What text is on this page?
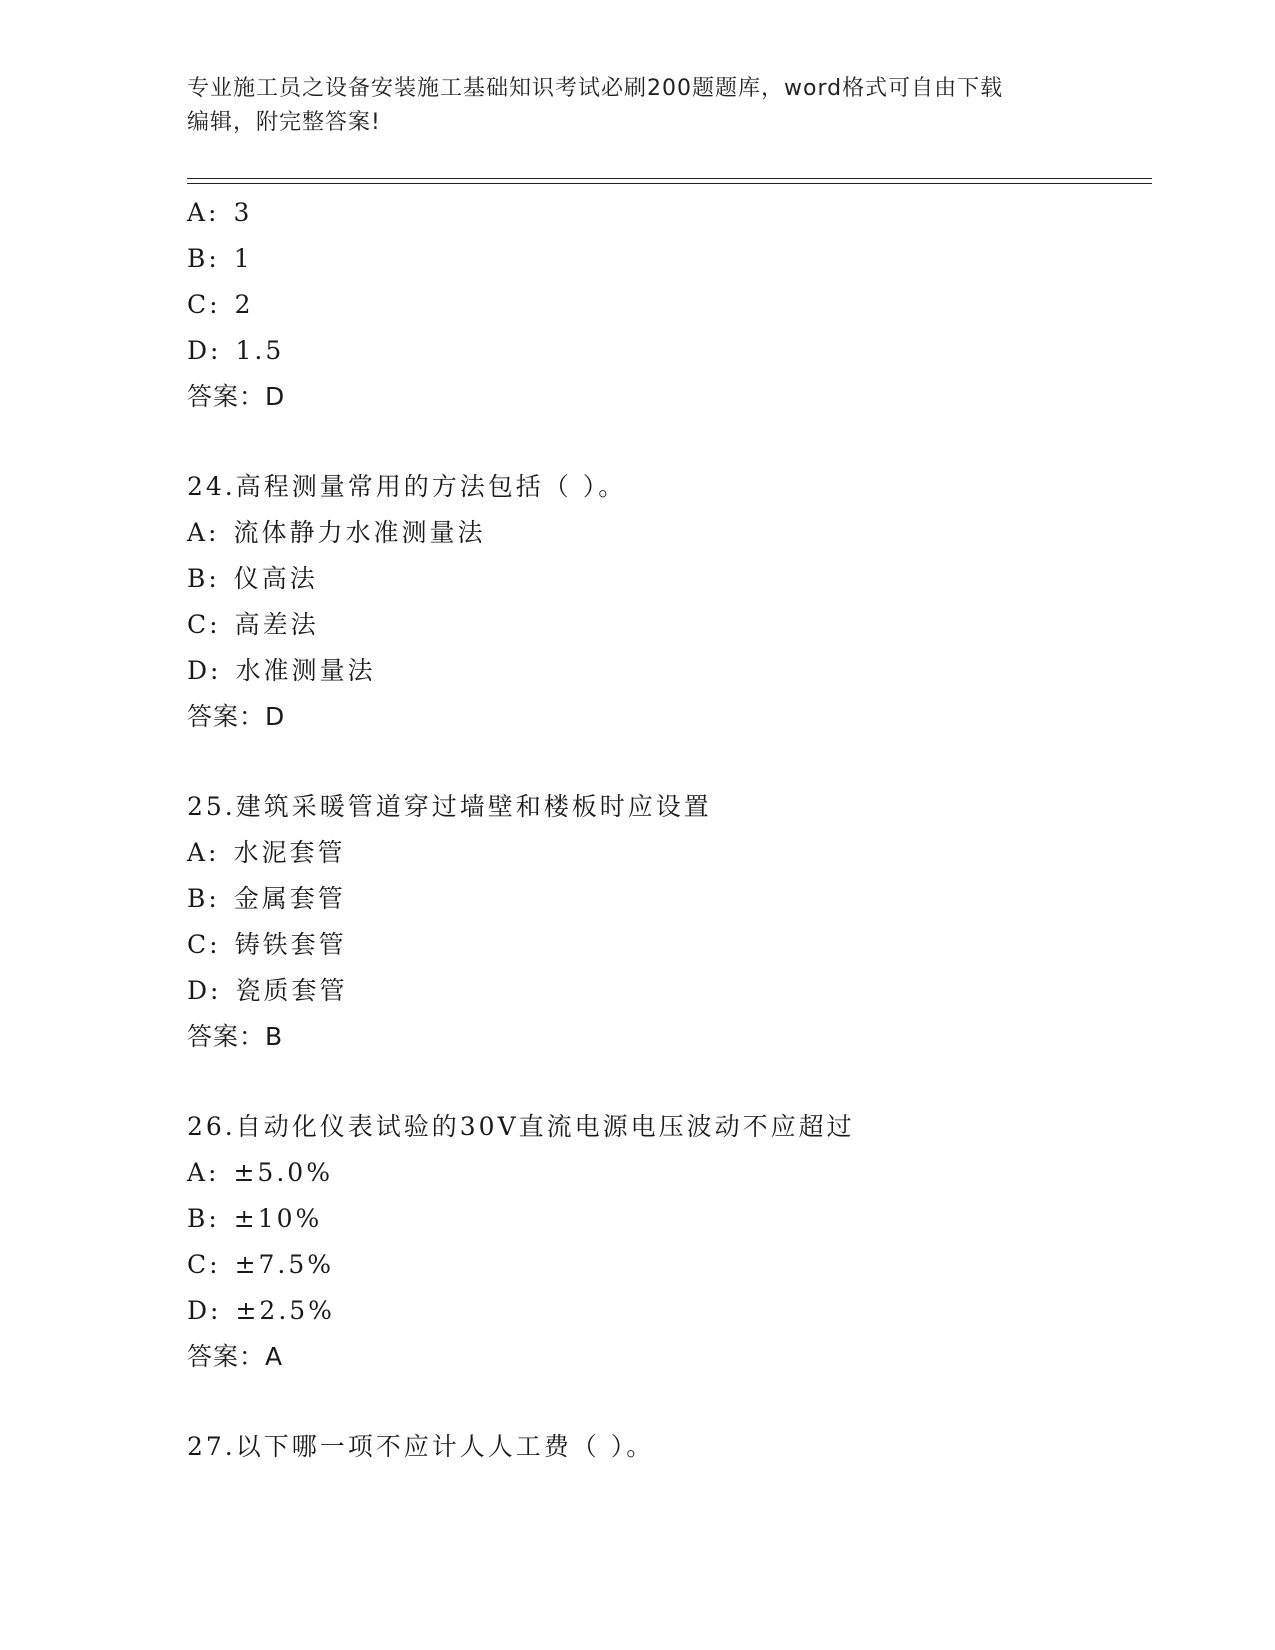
专业施工员之设备安装施工基础知识考试必刷200题题库，word格式可自由下载
编辑，附完整答案!
A: 3
B: 1
C: 2
D: 1.5
答案：D
24.高程测量常用的方法包括（ ）。
A: 流体静力水准测量法
B: 仪高法
C: 高差法
D: 水准测量法
答案：D
25.建筑采暖管道穿过墙壁和楼板时应设置
A: 水泥套管
B: 金属套管
C: 铸铁套管
D: 瓷质套管
答案：B
26.自动化仪表试验的30V直流电源电压波动不应超过
A: ±5.0%
B: ±10%
C: ±7.5%
D: ±2.5%
答案：A
27.以下哪一项不应计人人工费（ ）。
